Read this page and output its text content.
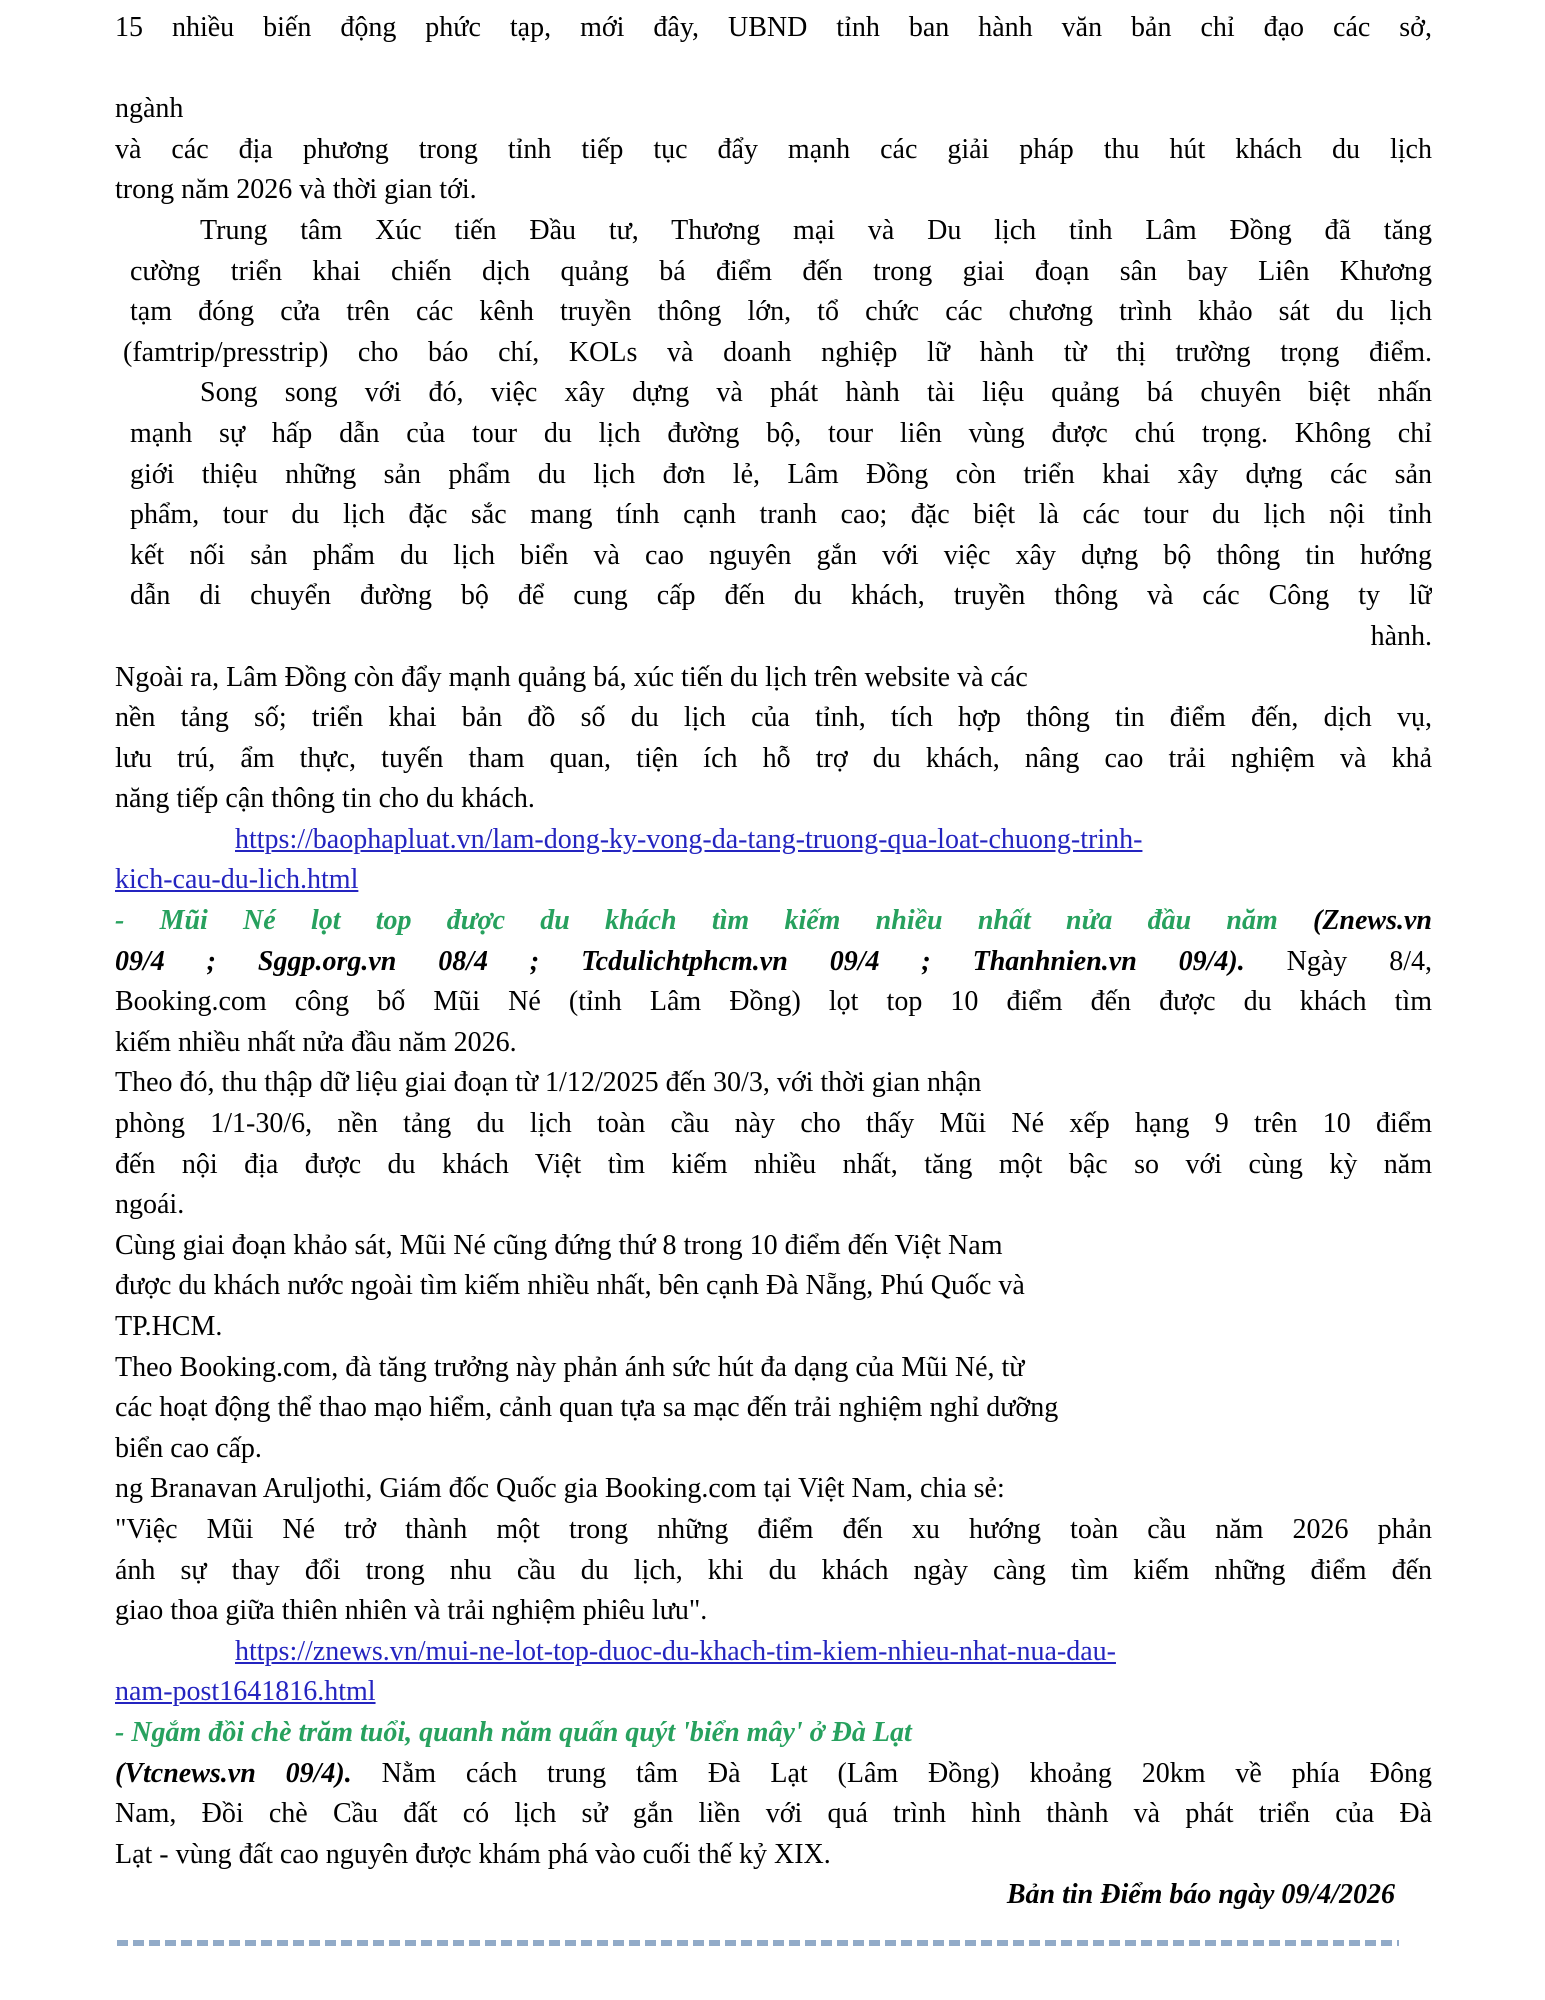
15 nhiều biến động phức tạp, mới đây, UBND tỉnh ban hành văn bản chỉ đạo các sở,

ngành
và các địa phương trong tỉnh tiếp tục đẩy mạnh các giải pháp thu hút khách du lịch
trong năm 2026 và thời gian tới.
Trung tâm Xúc tiến Đầu tư, Thương mại và Du lịch tỉnh Lâm Đồng đã tăng
cường triển khai chiến dịch quảng bá điểm đến trong giai đoạn sân bay Liên Khương
tạm đóng cửa trên các kênh truyền thông lớn, tổ chức các chương trình khảo sát du lịch
(famtrip/presstrip) cho báo chí, KOLs và doanh nghiệp lữ hành từ thị trường trọng điểm.
Song song với đó, việc xây dựng và phát hành tài liệu quảng bá chuyên biệt nhấn
mạnh sự hấp dẫn của tour du lịch đường bộ, tour liên vùng được chú trọng. Không chỉ
giới thiệu những sản phẩm du lịch đơn lẻ, Lâm Đồng còn triển khai xây dựng các sản
phẩm, tour du lịch đặc sắc mang tính cạnh tranh cao; đặc biệt là các tour du lịch nội tỉnh
kết nối sản phẩm du lịch biển và cao nguyên gắn với việc xây dựng bộ thông tin hướng
dẫn di chuyển đường bộ để cung cấp đến du khách, truyền thông và các Công ty lữ
hành.
Ngoài ra, Lâm Đồng còn đẩy mạnh quảng bá, xúc tiến du lịch trên website và các
nền tảng số; triển khai bản đồ số du lịch của tỉnh, tích hợp thông tin điểm đến, dịch vụ,
lưu trú, ẩm thực, tuyến tham quan, tiện ích hỗ trợ du khách, nâng cao trải nghiệm và khả
năng tiếp cận thông tin cho du khách.
https://baophapluat.vn/lam-dong-ky-vong-da-tang-truong-qua-loat-chuong-trinh-
kich-cau-du-lich.html
- Mũi Né lọt top được du khách tìm kiếm nhiều nhất nửa đầu năm (Znews.vn
09/4 ; Sggp.org.vn 08/4 ; Tcdulichtphcm.vn 09/4 ; Thanhnien.vn 09/4). Ngày 8/4,
Booking.com công bố Mũi Né (tỉnh Lâm Đồng) lọt top 10 điểm đến được du khách tìm
kiếm nhiều nhất nửa đầu năm 2026.
Theo đó, thu thập dữ liệu giai đoạn từ 1/12/2025 đến 30/3, với thời gian nhận
phòng 1/1-30/6, nền tảng du lịch toàn cầu này cho thấy Mũi Né xếp hạng 9 trên 10 điểm
đến nội địa được du khách Việt tìm kiếm nhiều nhất, tăng một bậc so với cùng kỳ năm
ngoái.
Cùng giai đoạn khảo sát, Mũi Né cũng đứng thứ 8 trong 10 điểm đến Việt Nam
được du khách nước ngoài tìm kiếm nhiều nhất, bên cạnh Đà Nẵng, Phú Quốc và
TP.HCM.
Theo Booking.com, đà tăng trưởng này phản ánh sức hút đa dạng của Mũi Né, từ
các hoạt động thể thao mạo hiểm, cảnh quan tựa sa mạc đến trải nghiệm nghỉ dưỡng
biển cao cấp.
ng Branavan Aruljothi, Giám đốc Quốc gia Booking.com tại Việt Nam, chia sẻ:
"Việc Mũi Né trở thành một trong những điểm đến xu hướng toàn cầu năm 2026 phản
ánh sự thay đổi trong nhu cầu du lịch, khi du khách ngày càng tìm kiếm những điểm đến
giao thoa giữa thiên nhiên và trải nghiệm phiêu lưu".
https://znews.vn/mui-ne-lot-top-duoc-du-khach-tim-kiem-nhieu-nhat-nua-dau-
nam-post1641816.html
- Ngắm đồi chè trăm tuổi, quanh năm quấn quýt 'biển mây' ở Đà Lạt
(Vtcnews.vn 09/4). Nằm cách trung tâm Đà Lạt (Lâm Đồng) khoảng 20km về phía Đông
Nam, Đồi chè Cầu đất có lịch sử gắn liền với quá trình hình thành và phát triển của Đà
Lạt - vùng đất cao nguyên được khám phá vào cuối thế kỷ XIX.
Bản tin Điểm báo ngày 09/4/2026
